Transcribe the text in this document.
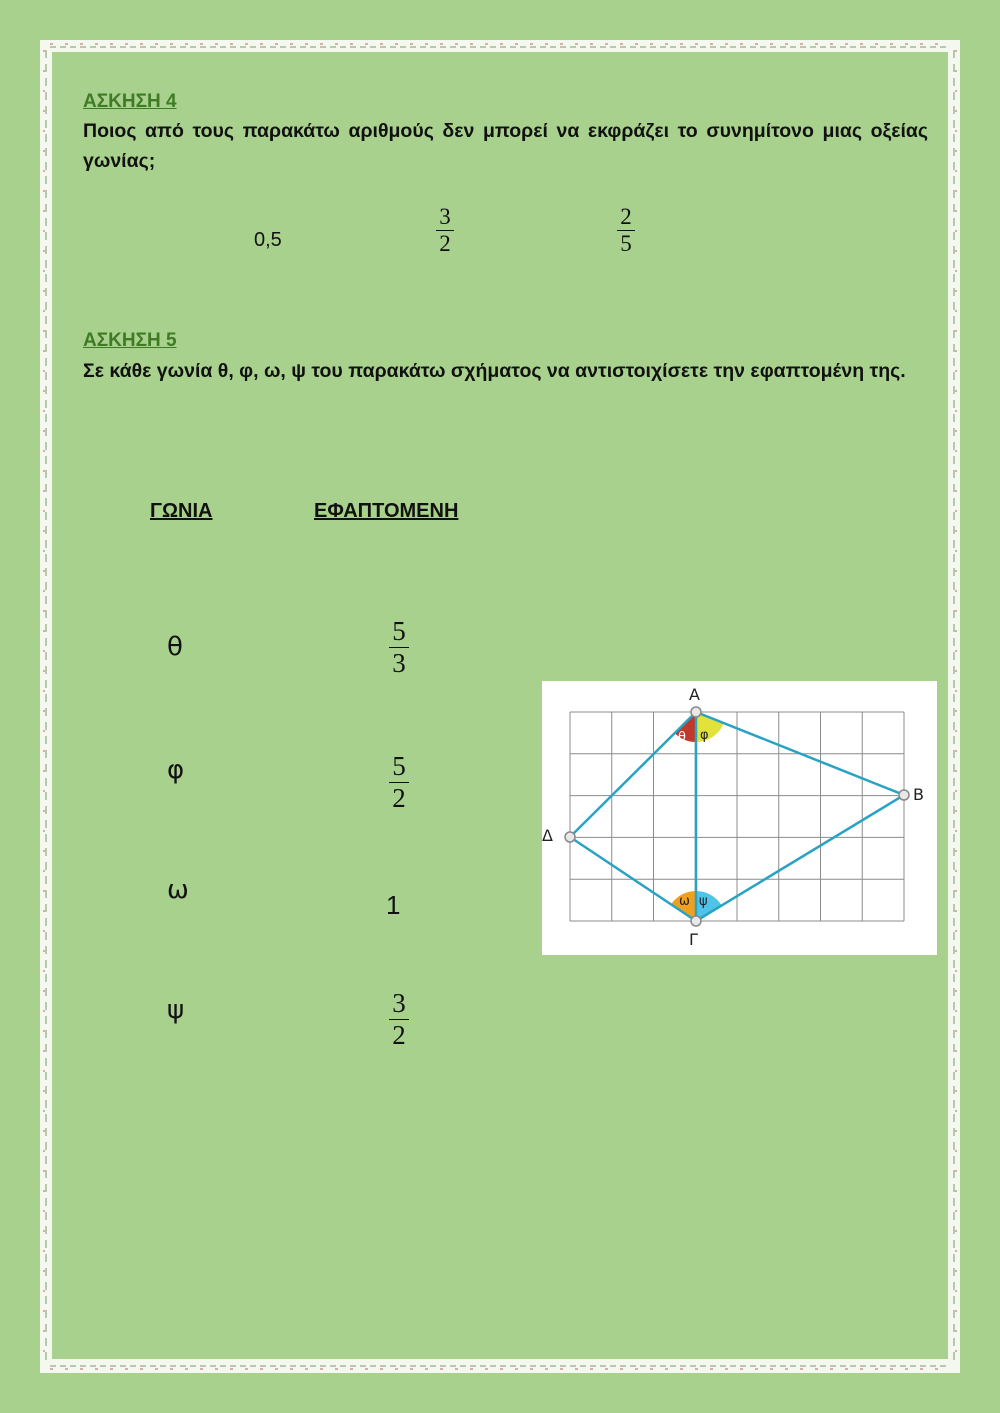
ΑΣΚΗΣΗ 4
Ποιος από τους παρακάτω αριθμούς δεν μπορεί να εκφράζει το συνημίτονο μιας οξείας γωνίας;
0,5
3
2
2
5
ΑΣΚΗΣΗ 5
Σε κάθε γωνία θ, φ, ω, ψ του παρακάτω σχήματος να αντιστοιχίσετε την εφαπτομένη της.
ΓΩΝΙΑ	ΕΦΑΠΤΟΜΕΝΗ
θ
φ
ω
ψ
5
3
5
2
1
3
2
Α
Β
Γ
Δ
θ φ
ω ψ
